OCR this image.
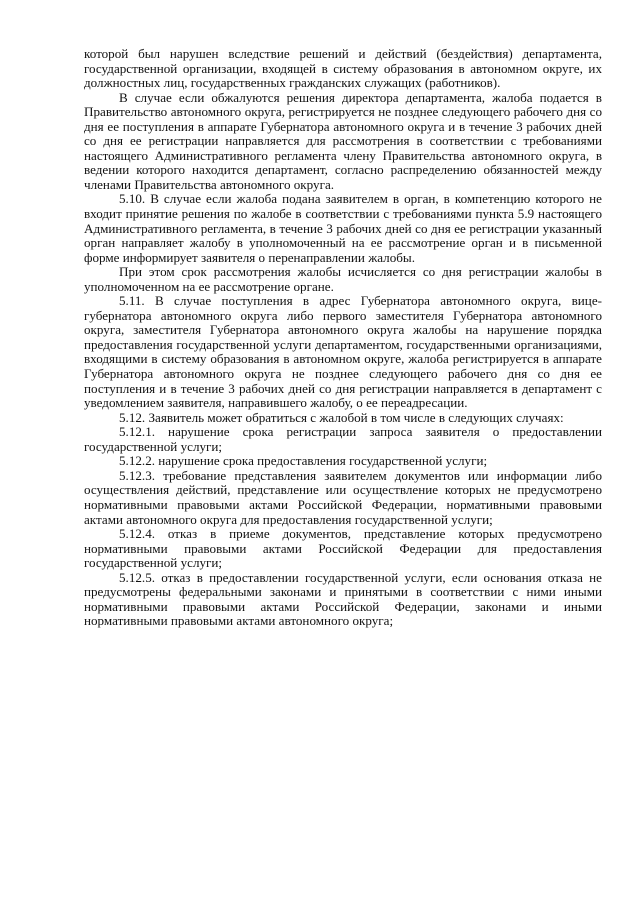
которой был нарушен вследствие решений и действий (бездействия) департамента, государственной организации, входящей в систему образования в автономном округе, их должностных лиц, государственных гражданских служащих (работников).

В случае если обжалуются решения директора департамента, жалоба подается в Правительство автономного округа, регистрируется не позднее следующего рабочего дня со дня ее поступления в аппарате Губернатора автономного округа и в течение 3 рабочих дней со дня ее регистрации направляется для рассмотрения в соответствии с требованиями настоящего Административного регламента члену Правительства автономного округа, в ведении которого находится департамент, согласно распределению обязанностей между членами Правительства автономного округа.

5.10. В случае если жалоба подана заявителем в орган, в компетенцию которого не входит принятие решения по жалобе в соответствии с требованиями пункта 5.9 настоящего Административного регламента, в течение 3 рабочих дней со дня ее регистрации указанный орган направляет жалобу в уполномоченный на ее рассмотрение орган и в письменной форме информирует заявителя о перенаправлении жалобы.

При этом срок рассмотрения жалобы исчисляется со дня регистрации жалобы в уполномоченном на ее рассмотрение органе.

5.11. В случае поступления в адрес Губернатора автономного округа, вице-губернатора автономного округа либо первого заместителя Губернатора автономного округа, заместителя Губернатора автономного округа жалобы на нарушение порядка предоставления государственной услуги департаментом, государственными организациями, входящими в систему образования в автономном округе, жалоба регистрируется в аппарате Губернатора автономного округа не позднее следующего рабочего дня со дня ее поступления и в течение 3 рабочих дней со дня регистрации направляется в департамент с уведомлением заявителя, направившего жалобу, о ее переадресации.

5.12. Заявитель может обратиться с жалобой в том числе в следующих случаях:

5.12.1. нарушение срока регистрации запроса заявителя о предоставлении государственной услуги;

5.12.2. нарушение срока предоставления государственной услуги;

5.12.3. требование представления заявителем документов или информации либо осуществления действий, представление или осуществление которых не предусмотрено нормативными правовыми актами Российской Федерации, нормативными правовыми актами автономного округа для предоставления государственной услуги;

5.12.4. отказ в приеме документов, представление которых предусмотрено нормативными правовыми актами Российской Федерации для предоставления государственной услуги;

5.12.5. отказ в предоставлении государственной услуги, если основания отказа не предусмотрены федеральными законами и принятыми в соответствии с ними иными нормативными правовыми актами Российской Федерации, законами и иными нормативными правовыми актами автономного округа;
